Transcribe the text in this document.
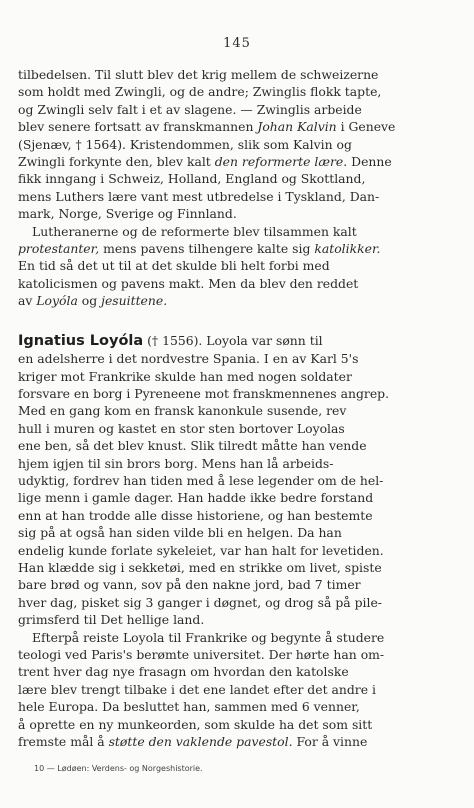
145
tilbedelsen. Til slutt blev det krig mellem de schweizerne
som holdt med Zwingli, og de andre; Zwinglis flokk tapte,
og Zwingli selv falt i et av slagene. — Zwinglis arbeide
blev senere fortsatt av franskmannen Johan Kalvin i Geneve
(Sjenæv, † 1564). Kristendommen, slik som Kalvin og
Zwingli forkynte den, blev kalt den reformerte lære. Denne
fikk inngang i Schweiz, Holland, England og Skottland,
mens Luthers lære vant mest utbredelse i Tyskland, Dan-
mark, Norge, Sverige og Finnland.
Lutheranerne og de reformerte blev tilsammen kalt
protestanter, mens pavens tilhengere kalte sig katolikker.
En tid så det ut til at det skulde bli helt forbi med
katolicismen og pavens makt. Men da blev den reddet
av Loyóla og jesuittene.
Ignatius Loyóla († 1556). Loyola var sønn til
en adelsherre i det nordvestre Spania. I en av Karl 5's
kriger mot Frankrike skulde han med nogen soldater
forsvare en borg i Pyreneene mot franskmennenes angrep.
Med en gang kom en fransk kanonkule susende, rev
hull i muren og kastet en stor sten bortover Loyolas
ene ben, så det blev knust. Slik tilredt måtte han vende
hjem igjen til sin brors borg. Mens han lå arbeids-
udyktig, fordrev han tiden med å lese legender om de hel-
lige menn i gamle dager. Han hadde ikke bedre forstand
enn at han trodde alle disse historiene, og han bestemte
sig på at også han siden vilde bli en helgen. Da han
endelig kunde forlate sykeleiet, var han halt for levetiden.
Han klædde sig i sekketøi, med en strikke om livet, spiste
bare brød og vann, sov på den nakne jord, bad 7 timer
hver dag, pisket sig 3 ganger i døgnet, og drog så på pile-
grimsferd til Det hellige land.
Efterpå reiste Loyola til Frankrike og begynte å studere
teologi ved Paris's berømte universitet. Der hørte han om-
trent hver dag nye frasagn om hvordan den katolske
lære blev trengt tilbake i det ene landet efter det andre i
hele Europa. Da besluttet han, sammen med 6 venner,
å oprette en ny munkeorden, som skulde ha det som sitt
fremste mål å støtte den vaklende pavestol. For å vinne
10 — Lødøen: Verdens- og Norgeshistorie.
